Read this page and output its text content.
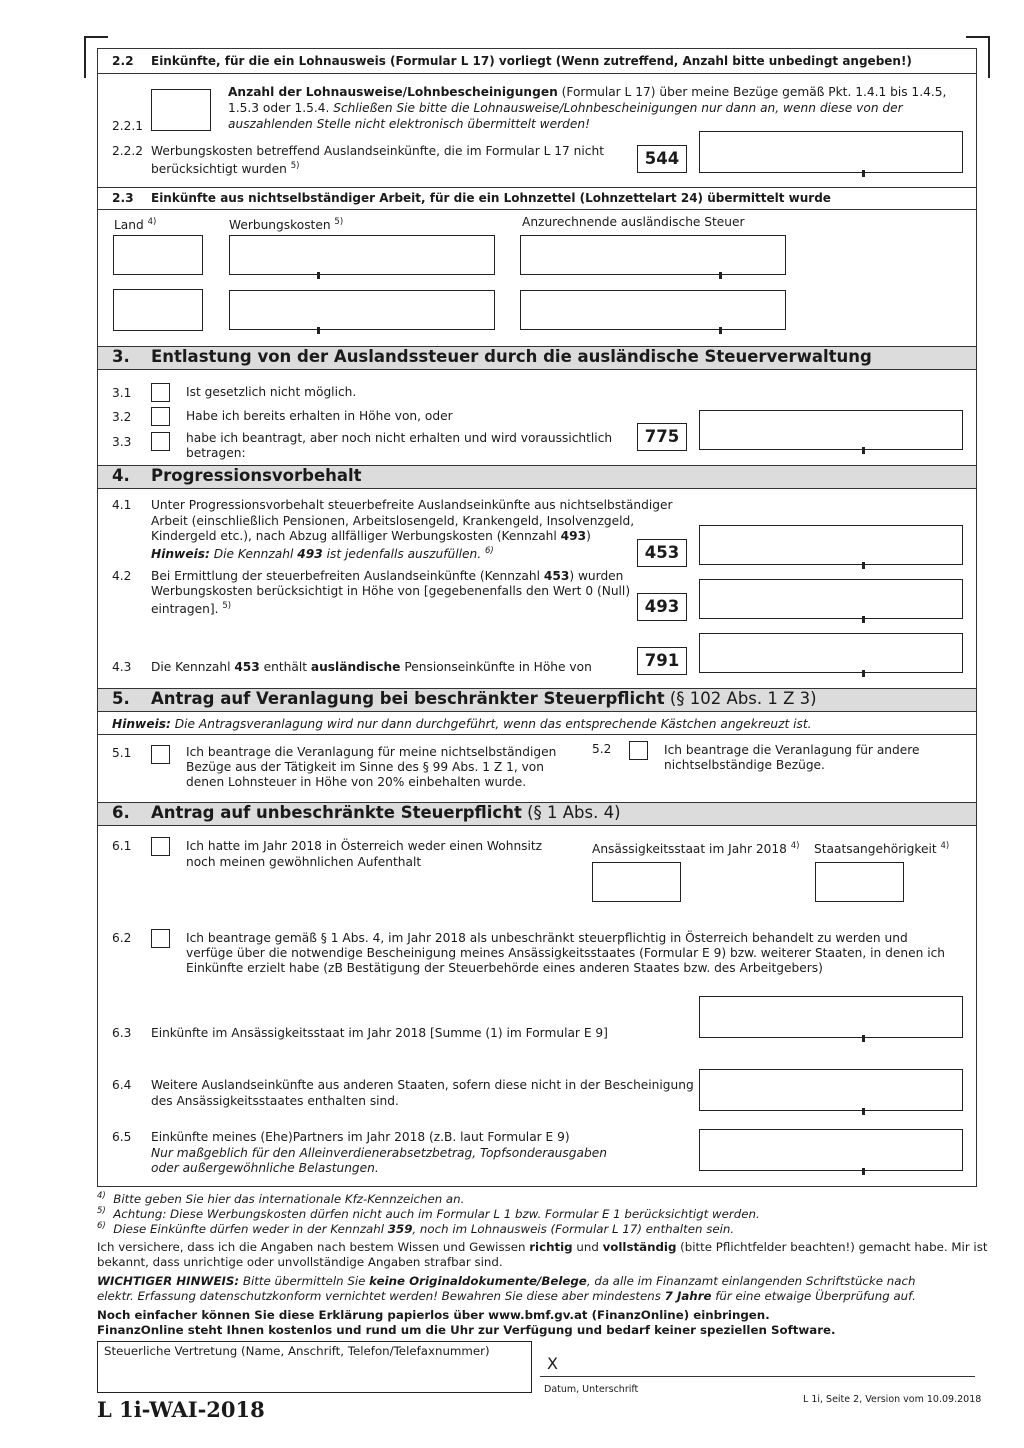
2.2 Einkünfte, für die ein Lohnausweis (Formular L 17) vorliegt (Wenn zutreffend, Anzahl bitte unbedingt angeben!)
2.2.1
Anzahl der Lohnausweise/Lohnbescheinigungen (Formular L 17) über meine Bezüge gemäß Pkt. 1.4.1 bis 1.4.5,
1.5.3 oder 1.5.4. Schließen Sie bitte die Lohnausweise/Lohnbescheinigungen nur dann an, wenn diese von der
auszahlenden Stelle nicht elektronisch übermittelt werden!
2.2.2 Werbungskosten betreffend Auslandseinkünfte, die im Formular L 17 nicht
berücksichtigt wurden $^{5)}$	544
2.3 Einkünfte aus nichtselbständiger Arbeit, für die ein Lohnzettel (Lohnzettelart 24) übermittelt wurde
Land $^{4)}$	Werbungskosten $^{5)}$	Anzurechnende ausländische Steuer
3. Entlastung von der Auslandssteuer durch die ausländische Steuerverwaltung
3.1	Ist gesetzlich nicht möglich.
3.2	Habe ich bereits erhalten in Höhe von, oder
3.3	habe ich beantragt, aber noch nicht erhalten und wird voraussichtlich
betragen:
775
4. Progressionsvorbehalt
4.1 Unter Progressionsvorbehalt steuerbefreite Auslandseinkünfte aus nichtselbständiger
Arbeit (einschließlich Pensionen, Arbeitslosengeld, Krankengeld, Insolvenzgeld,
Kindergeld etc.), nach Abzug allfälliger Werbungskosten (Kennzahl 493)
Hinweis: Die Kennzahl 493 ist jedenfalls auszufüllen. $^{6)}$	453
4.2 Bei Ermittlung der steuerbefreiten Auslandseinkünfte (Kennzahl 453) wurden
Werbungskosten berücksichtigt in Höhe von [gegebenenfalls den Wert 0 (Null)
eintragen]. $^{5)}$	493
4.3 Die Kennzahl 453 enthält ausländische Pensionseinkünfte in Höhe von	791
5. Antrag auf Veranlagung bei beschränkter Steuerpflicht (§ 102 Abs. 1 Z 3)
Hinweis: Die Antragsveranlagung wird nur dann durchgeführt, wenn das entsprechende Kästchen angekreuzt ist.
5.1	Ich beantrage die Veranlagung für meine nichtselbständigen
Bezüge aus der Tätigkeit im Sinne des § 99 Abs. 1 Z 1, von
denen Lohnsteuer in Höhe von 20% einbehalten wurde.
5.2	Ich beantrage die Veranlagung für andere
nichtselbständige Bezüge.
6. Antrag auf unbeschränkte Steuerpflicht (§ 1 Abs. 4)
6.1	Ich hatte im Jahr 2018 in Österreich weder einen Wohnsitz
noch meinen gewöhnlichen Aufenthalt
Ansässigkeitsstaat im Jahr 2018 $^{4)}$ Staatsangehörigkeit $^{4)}$
6.2	Ich beantrage gemäß § 1 Abs. 4, im Jahr 2018 als unbeschränkt steuerpflichtig in Österreich behandelt zu werden und
verfüge über die notwendige Bescheinigung meines Ansässigkeitsstaates (Formular E 9) bzw. weiterer Staaten, in denen ich
Einkünfte erzielt habe (zB Bestätigung der Steuerbehörde eines anderen Staates bzw. des Arbeitgebers)
6.3 Einkünfte im Ansässigkeitsstaat im Jahr 2018 [Summe (1) im Formular E 9]
6.4 Weitere Auslandseinkünfte aus anderen Staaten, sofern diese nicht in der Bescheinigung
des Ansässigkeitsstaates enthalten sind.
6.5 Einkünfte meines (Ehe)Partners im Jahr 2018 (z.B. laut Formular E 9)
Nur maßgeblich für den Alleinverdienerabsetzbetrag, Topfsonderausgaben
oder außergewöhnliche Belastungen.
$^{4)}$ Bitte geben Sie hier das internationale Kfz-Kennzeichen an.
$^{5)}$ Achtung: Diese Werbungskosten dürfen nicht auch im Formular L 1 bzw. Formular E 1 berücksichtigt werden.
$^{6)}$ Diese Einkünfte dürfen weder in der Kennzahl 359, noch im Lohnausweis (Formular L 17) enthalten sein.
Ich versichere, dass ich die Angaben nach bestem Wissen und Gewissen richtig und vollständig (bitte Pflichtfelder beachten!) gemacht habe. Mir ist
bekannt, dass unrichtige oder unvollständige Angaben strafbar sind.
WICHTIGER HINWEIS: Bitte übermitteln Sie keine Originaldokumente/Belege, da alle im Finanzamt einlangenden Schriftstücke nach
elektr. Erfassung datenschutzkonform vernichtet werden! Bewahren Sie diese aber mindestens 7 Jahre für eine etwaige Überprüfung auf.
Noch einfacher können Sie diese Erklärung papierlos über www.bmf.gv.at (FinanzOnline) einbringen.
FinanzOnline steht Ihnen kostenlos und rund um die Uhr zur Verfügung und bedarf keiner speziellen Software.
Steuerliche Vertretung (Name, Anschrift, Telefon/Telefaxnummer)
X
Datum, Unterschrift
L 1i-WAI-2018	L 1i, Seite 2, Version vom 10.09.2018
